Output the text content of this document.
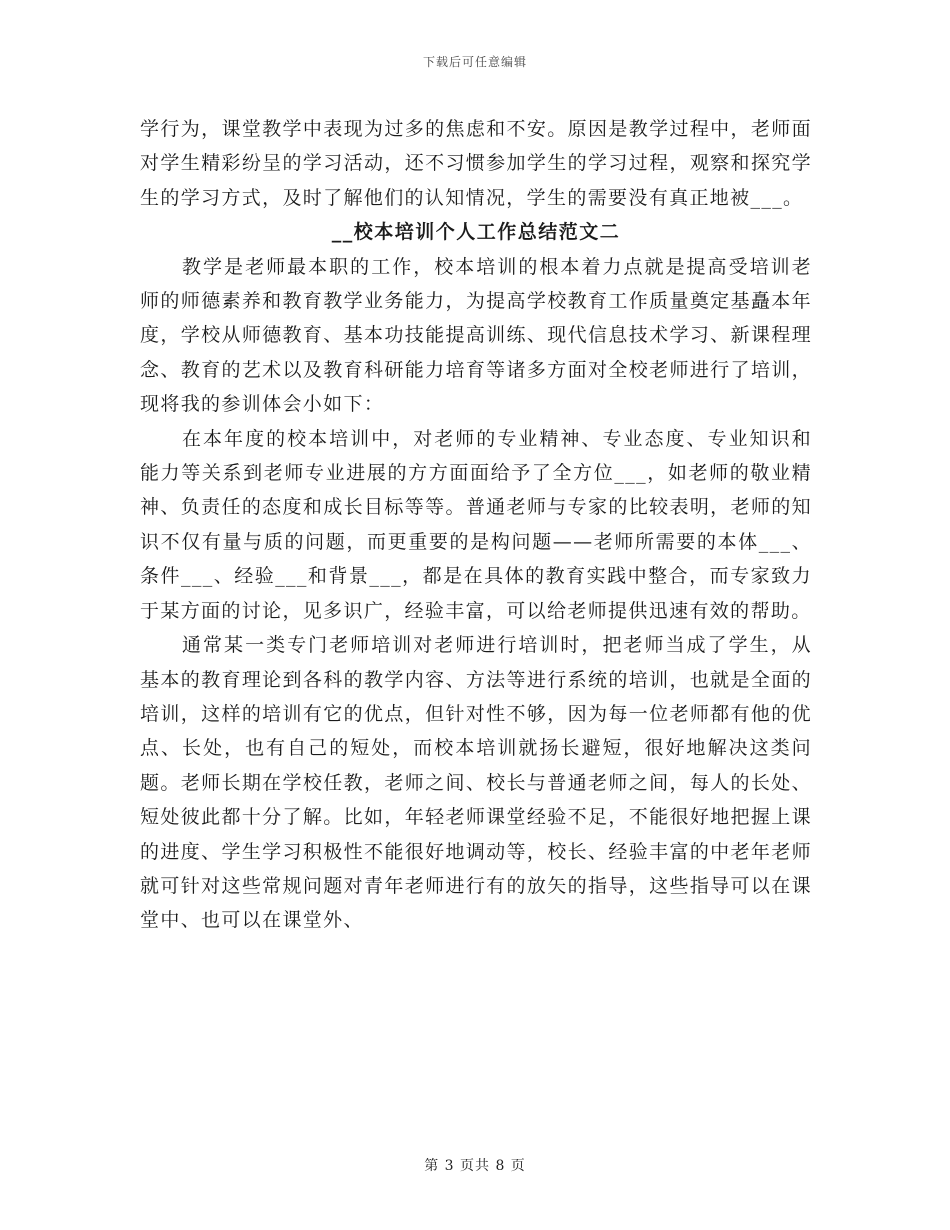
下载后可任意编辑

学行为，课堂教学中表现为过多的焦虑和不安。原因是教学过程中，老师面对学生精彩纷呈的学习活动，还不习惯参加学生的学习过程，观察和探究学生的学习方式，及时了解他们的认知情况，学生的需要没有真正地被___。

__校本培训个人工作总结范文二

教学是老师最本职的工作，校本培训的根本着力点就是提高受培训老师的师德素养和教育教学业务能力，为提高学校教育工作质量奠定基矗本年度，学校从师德教育、基本功技能提高训练、现代信息技术学习、新课程理念、教育的艺术以及教育科研能力培育等诸多方面对全校老师进行了培训，现将我的参训体会小如下：

在本年度的校本培训中，对老师的专业精神、专业态度、专业知识和能力等关系到老师专业进展的方方面面给予了全方位___，如老师的敬业精神、负责任的态度和成长目标等等。普通老师与专家的比较表明，老师的知识不仅有量与质的问题，而更重要的是构问题——老师所需要的本体___、条件___、经验___和背景___，都是在具体的教育实践中整合，而专家致力于某方面的讨论，见多识广，经验丰富，可以给老师提供迅速有效的帮助。

通常某一类专门老师培训对老师进行培训时，把老师当成了学生，从基本的教育理论到各科的教学内容、方法等进行系统的培训，也就是全面的培训，这样的培训有它的优点，但针对性不够，因为每一位老师都有他的优点、长处，也有自己的短处，而校本培训就扬长避短，很好地解决这类问题。老师长期在学校任教，老师之间、校长与普通老师之间，每人的长处、短处彼此都十分了解。比如，年轻老师课堂经验不足，不能很好地把握上课的进度、学生学习积极性不能很好地调动等，校长、经验丰富的中老年老师就可针对这些常规问题对青年老师进行有的放矢的指导，这些指导可以在课堂中、也可以在课堂外、

第 3 页共 8 页
